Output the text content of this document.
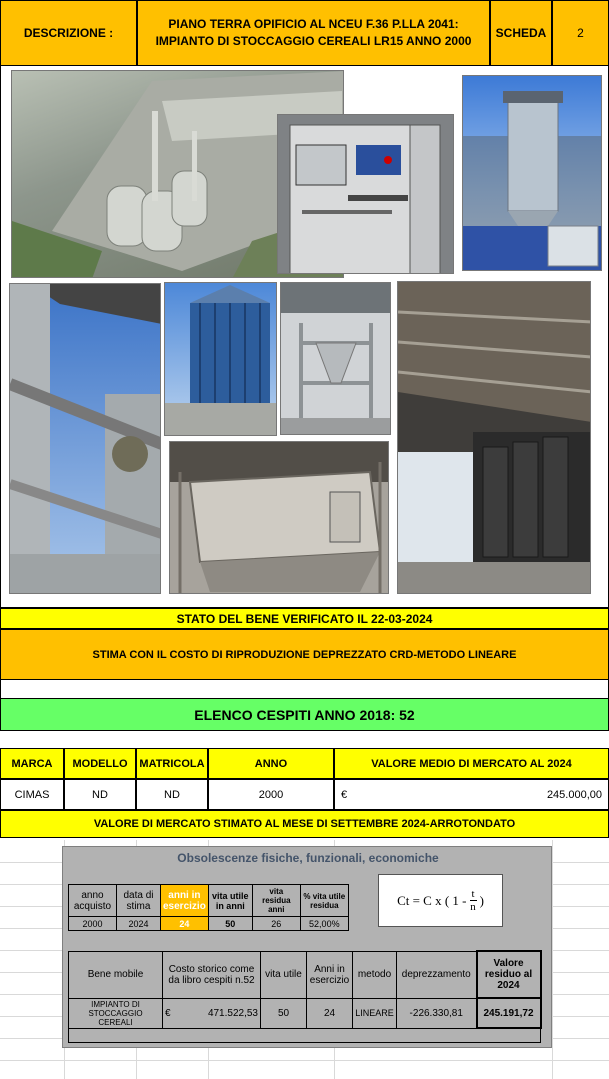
DESCRIZIONE :
PIANO TERRA OPIFICIO AL NCEU F.36 P.LLA 2041:
IMPIANTO DI STOCCAGGIO CEREALI LR15 ANNO 2000
SCHEDA	2
STATO DEL BENE VERIFICATO IL 22-03-2024
STIMA CON IL COSTO DI RIPRODUZIONE DEPREZZATO CRD-METODO LINEARE
ELENCO CESPITI ANNO 2018: 52
MARCA	MODELLO	MATRICOLA	ANNO	VALORE MEDIO DI MERCATO AL 2024
CIMAS	ND	ND	2000	€	245.000,00
VALORE DI MERCATO STIMATO AL MESE DI SETTEMBRE 2024-ARROTONDATO
Obsolescenze fisiche, funzionali, economiche
anno acquisto	data di stima	anni in esercizio	vita utile in anni	vita residua anni	% vita utile residua
2000	2024	24	50	26	52,00%
Ct = C x ( $1 - \frac{t}{n}$ )
Bene mobile	Costo storico come da libro cespiti n.52	vita utile	Anni in esercizio	metodo	deprezzamento	Valore residuo al 2024
IMPIANTO DI STOCCAGGIO CEREALI	€ 471.522,53	50	24	LINEARE	-226.330,81	245.191,72
